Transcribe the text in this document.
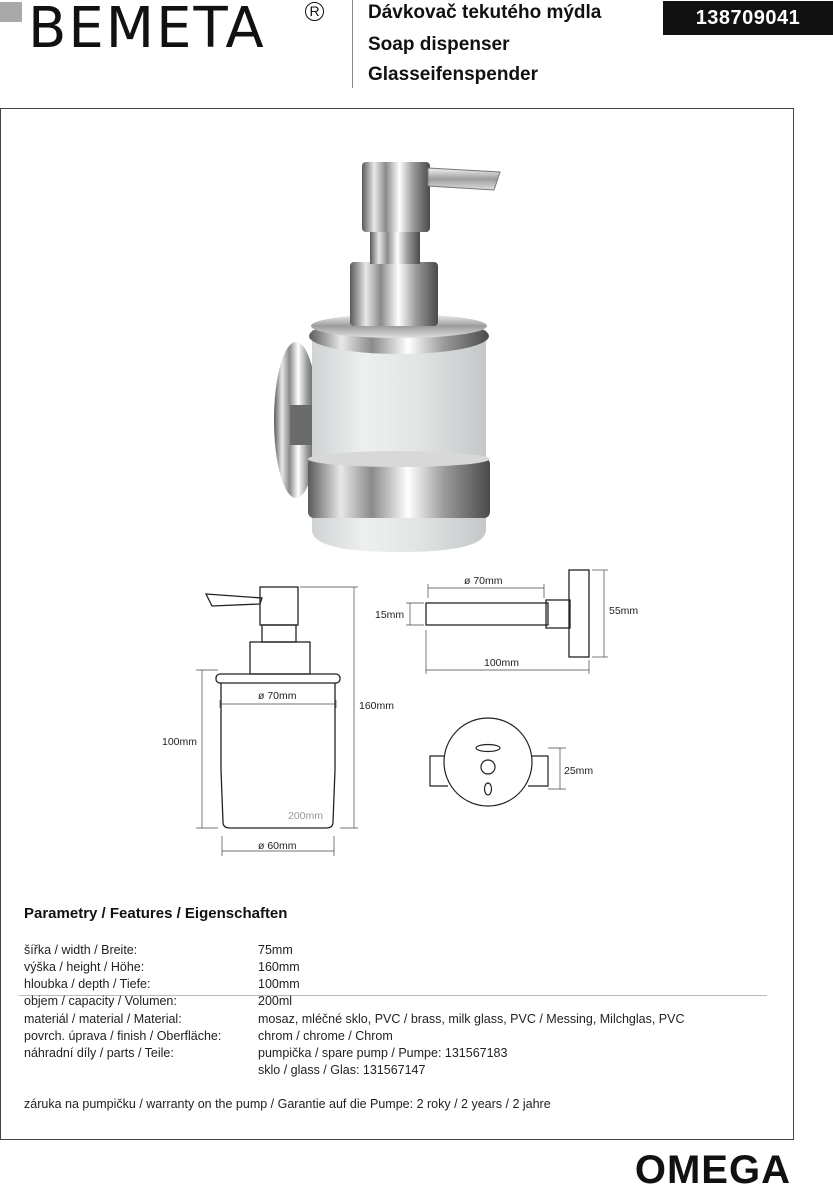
BEMETA	R	Dávkovač tekutého mýdla
Soap dispenser
Glasseifenspender
138709041
ø 70mm
ø 60mm
100mm
160mm
200mm
ø 70mm
15mm	55mm
100mm
25mm
Parametry / Features / Eigenschaften
šířka / width / Breite:	75mm
výška / height / Höhe:	160mm
hloubka / depth / Tiefe:	100mm
objem / capacity / Volumen:	200ml
materiál / material / Material:	mosaz, mléčné sklo, PVC / brass, milk glass, PVC / Messing, Milchglas, PVC
povrch. úprava / finish / Oberfläche:	chrom / chrome / Chrom
náhradní díly / parts / Teile:	pumpička / spare pump / Pumpe: 131567183
sklo / glass / Glas: 131567147
záruka na pumpičku / warranty on the pump / Garantie auf die Pumpe: 2 roky / 2 years / 2 jahre
OMEGA
